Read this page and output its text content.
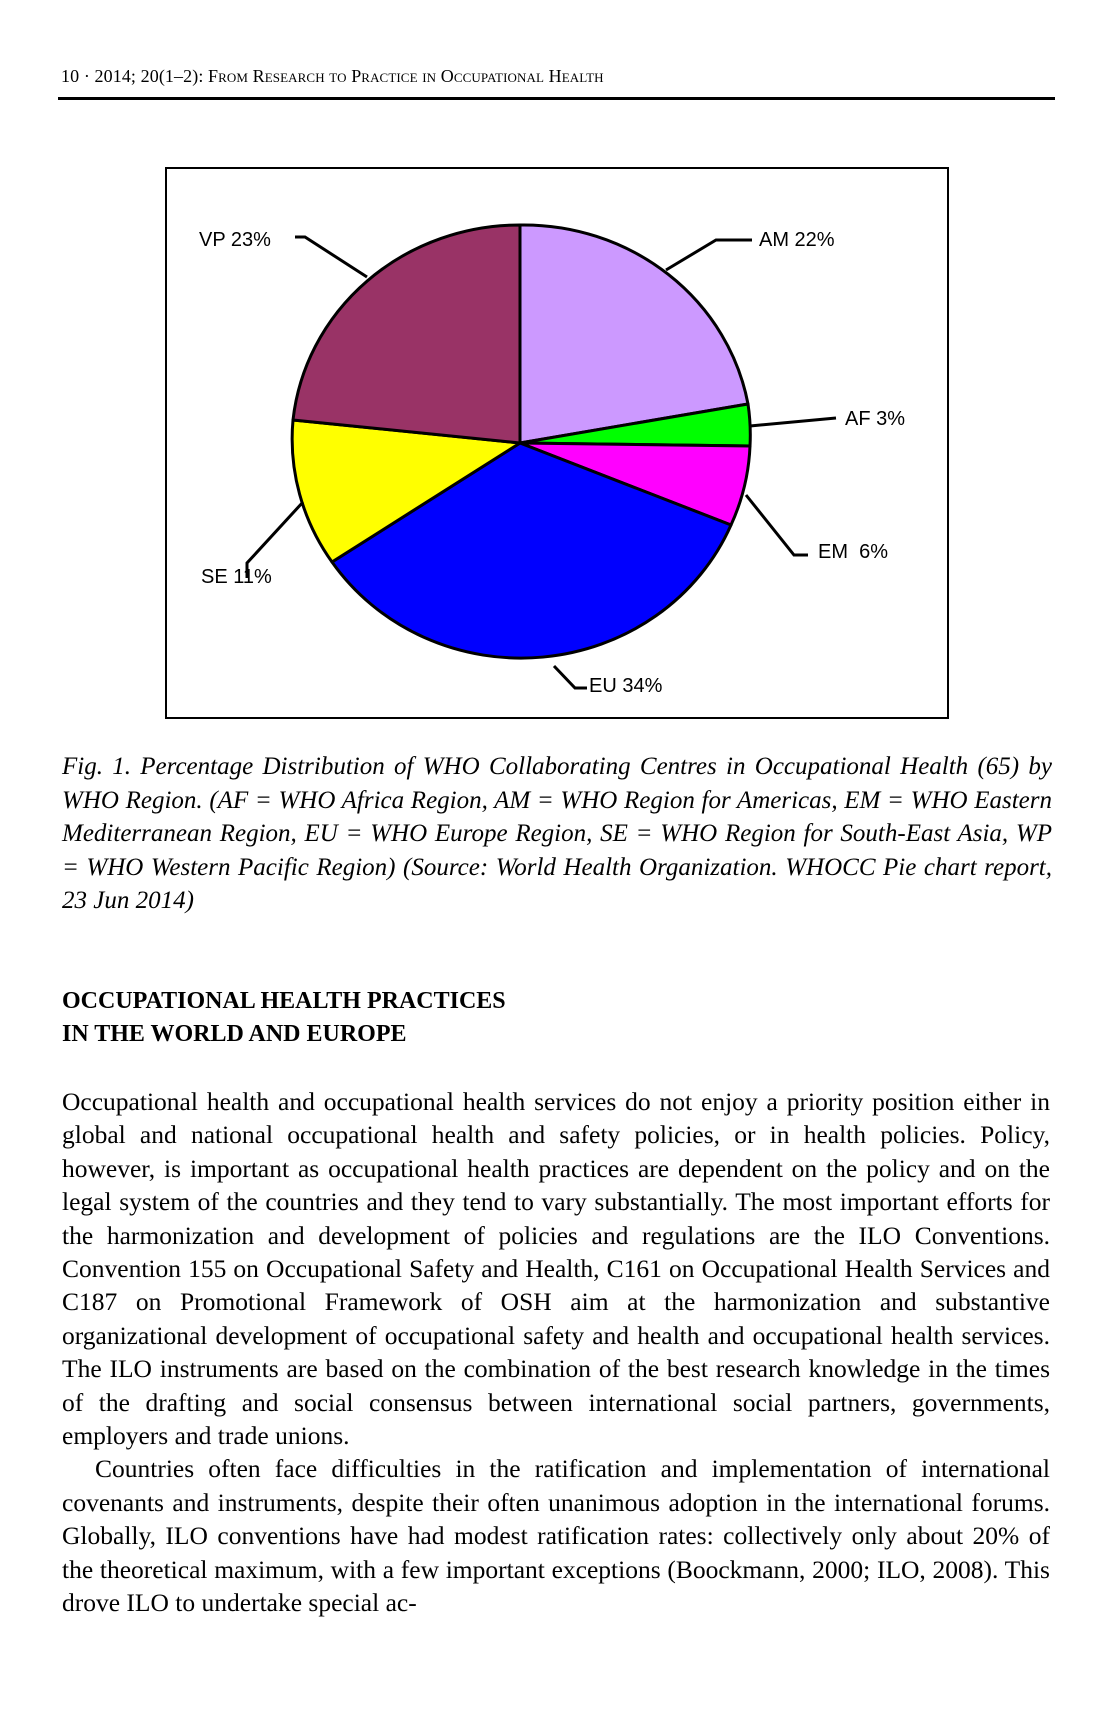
10 · 2014; 20(1–2): From Research to Practice in Occupational Health
VP 23%	AM 22%
AF 3%
EM  6%
SE 11%
EU 34%
Fig. 1. Percentage Distribution of WHO Collaborating Centres in Occupational Health (65) by WHO Region. (AF = WHO Africa Region, AM = WHO Region for Americas, EM = WHO Eastern Mediterranean Region, EU = WHO Europe Region, SE = WHO Region for South-East Asia, WP = WHO Western Pacific Region) (Source: World Health Organization. WHOCC Pie chart report, 23 Jun 2014)
OCCUPATIONAL HEALTH PRACTICES
IN THE WORLD AND EUROPE

Occupational health and occupational health services do not enjoy a priority position either in global and national occupational health and safety policies, or in health policies. Policy, however, is important as occupational health practices are dependent on the policy and on the legal system of the countries and they tend to vary substantially. The most important efforts for the harmonization and development of policies and regulations are the ILO Conventions. Convention 155 on Occupational Safety and Health, C161 on Occupational Health Services and C187 on Promotional Framework of OSH aim at the harmonization and substantive organizational development of occupational safety and health and occupational health services. The ILO instruments are based on the combination of the best research knowledge in the times of the drafting and social consensus between international social partners, governments, employers and trade unions.

Countries often face difficulties in the ratification and implementation of international covenants and instruments, despite their often unanimous adoption in the international forums. Globally, ILO conventions have had modest ratification rates: collectively only about 20% of the theoretical maximum, with a few important exceptions (Boockmann, 2000; ILO, 2008). This drove ILO to undertake special ac-
